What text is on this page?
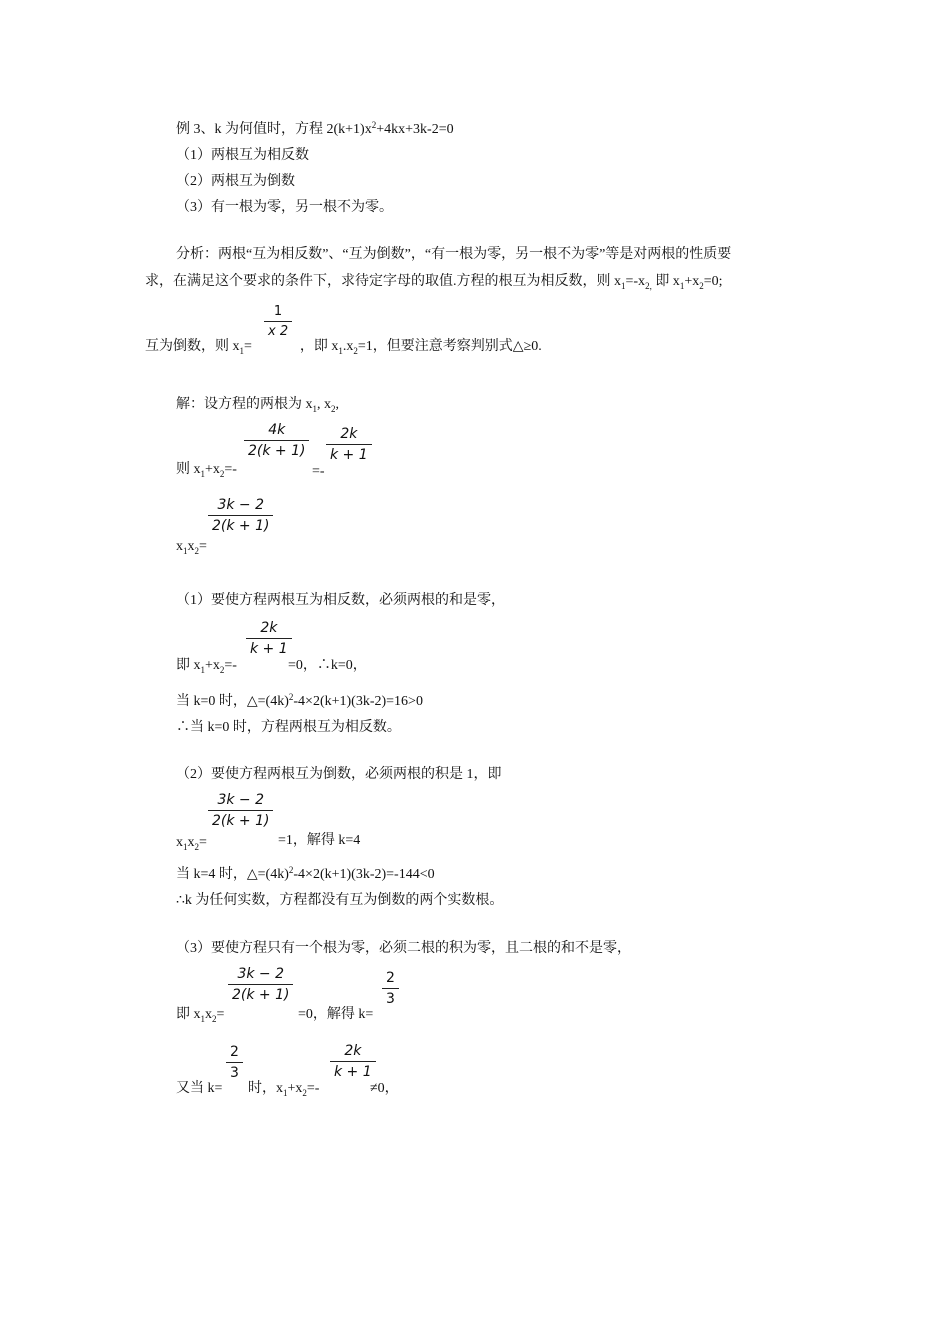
例 3、k 为何值时，方程 $2(k+1)x^2+4kx+3k-2=0$
（1）两根互为相反数
（2）两根互为倒数
（3）有一根为零，另一根不为零。
分析：两根“互为相反数”、“互为倒数”，“有一根为零，另一根不为零”等是对两根的性质要
求，在满足这个要求的条件下，求待定字母的取值.方程的根互为相反数，则 $x_1=-x_{2,}$ 即 $x_1+x_2=0$;
$\frac{1}{x 2}$
互为倒数，则 $x_1=$	，即 $x_1.x_2=1$，但要注意考察判别式△≥0.
解：设方程的两根为 $x_1$, $x_2$,
$\frac{4k}{2(k + 1)} \frac{2k}{k + 1}$
则 $x_1+x_2=-$	=-
$\frac{3k - 2}{2(k + 1)}$
$x_1x_2=$
（1）要使方程两根互为相反数，必须两根的和是零，
$\frac{2k}{k + 1}$
即 $x_1+x_2=-$	=0，∴k=0，
当 k=0 时，$\triangle=(4k)^2-4\times 2(k+1)(3k-2)=16>0$
∴当 k=0 时，方程两根互为相反数。
（2）要使方程两根互为倒数，必须两根的积是 1，即
$\frac{3k - 2}{2(k + 1)}$
$x_1x_2=$	=1，解得 k=4
当 k=4 时，$\triangle=(4k)^2-4\times 2(k+1)(3k-2)=-144<0$
∴k 为任何实数，方程都没有互为倒数的两个实数根。
（3）要使方程只有一个根为零，必须二根的积为零，且二根的和不是零，
$\frac{3k - 2}{2(k + 1)}$	$\frac{2}{3}$
即 $x_1x_2=$	=0，解得 k=
$\frac{2}{3}$	$\frac{2k}{k + 1}$
又当 k= 时，$x_1+x_2=-$	≠0，
